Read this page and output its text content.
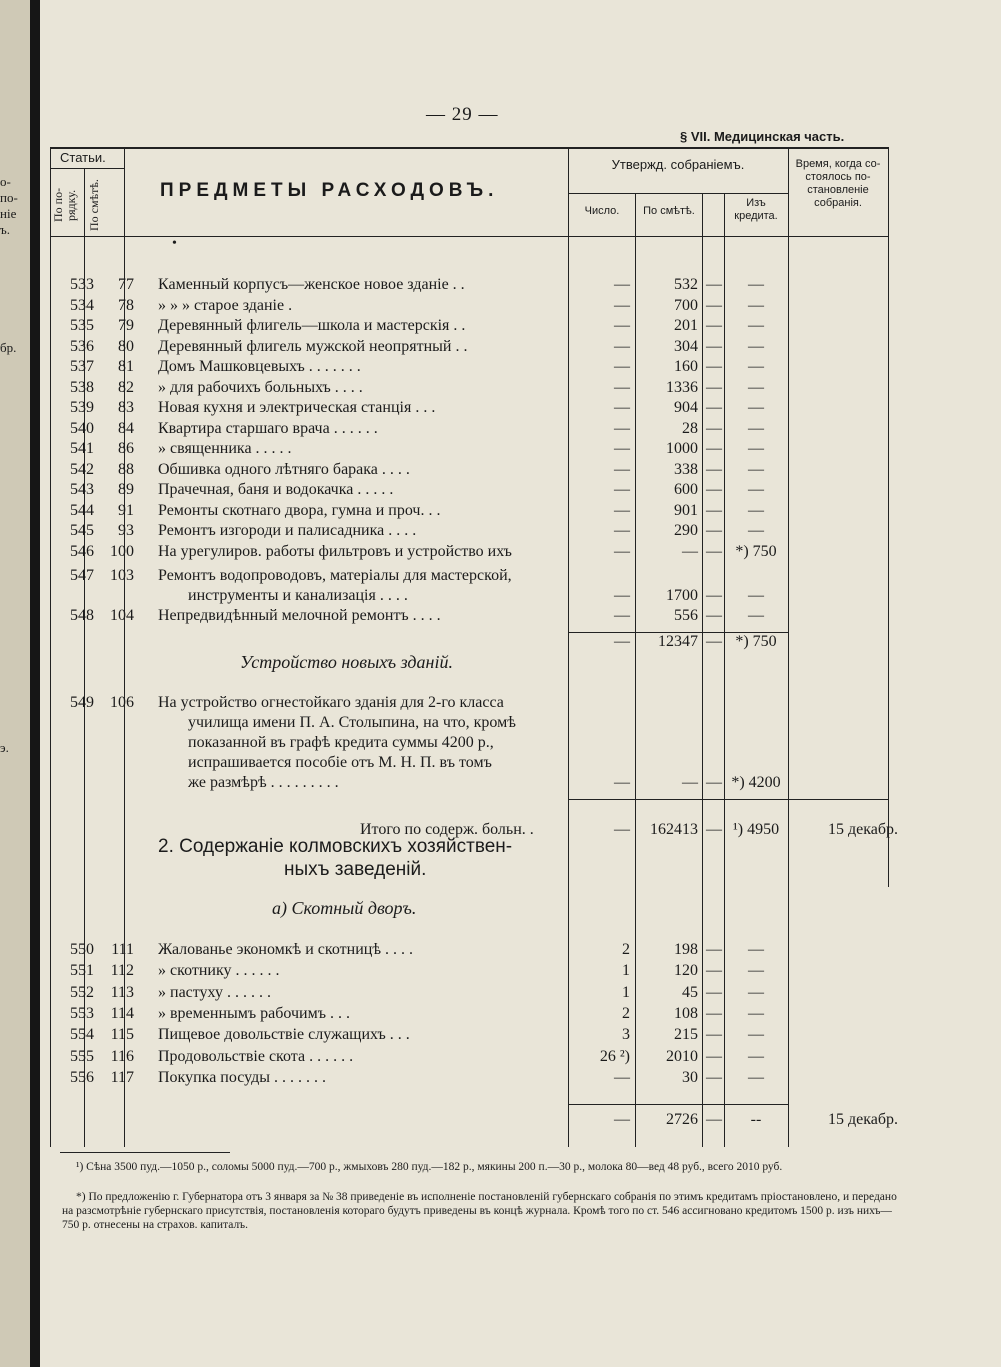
о-
по-
ніе
ъ.
бр.
э.
— 29 —
§ VII. Медицинская часть.
Статьи.
По по-рядку. По смѣтѣ.	ПРЕДМЕТЫ РАСХОДОВЪ.
Утвержд. собраніемъ.
Число.	По смѣтѣ.
Изъ кредита.
Время, когда со-стоялось по-становленіе собранія.
•
533	77 Каменный корпусъ—женское новое зданіе . .	—	532 —	—
534	78 » » » старое зданіе .	—	700 —	—
535	79 Деревянный флигель—школа и мастерскія . .	—	201 —	—
536	80 Деревянный флигель мужской неопрятный . .	—	304 —	—
537	81 Домъ Машковцевыхъ . . . . . . .	—	160 —	—
538	82 » для рабочихъ больныхъ . . . .	—	1336 —	—
539	83 Новая кухня и электрическая станція . . .	—	904 —	—
540	84 Квартира старшаго врача . . . . . .	—	28 —	—
541	86 » священника . . . . .	—	1000 —	—
542	88 Обшивка одного лѣтняго барака . . . .	—	338 —	—
543	89 Прачечная, баня и водокачка . . . . .	—	600 —	—
544	91 Ремонты скотнаго двора, гумна и проч. . .	—	901 —	—
545	93 Ремонтъ изгороди и палисадника . . . .	—	290 —	—
546	100 На урегулиров. работы фильтровъ и устройство ихъ	—	— — *) 750
547	103 Ремонтъ водопроводовъ, матеріалы для мастерской,
инструменты и канализація . . . .	—	1700 —	—
548	104 Непредвидѣнный мелочной ремонтъ . . . .	—	556 —	—
—	12347 — *) 750
Устройство новыхъ зданій.
549	106 На устройство огнестойкаго зданія для 2-го класса
училища имени П. А. Столыпина, на что, кромѣ
показанной въ графѣ кредита суммы 4200 р.,
испрашивается пособіе отъ М. Н. П. въ томъ
же размѣрѣ . . . . . . . . .	—	— — *) 4200
Итого по содерж. больн. .	—	162413 — ¹) 4950	15 декабр.
2. Содержаніе колмовскихъ хозяйствен-
ныхъ заведеній.
а) Скотный дворъ.
550	111 Жалованье экономкѣ и скотницѣ . . . .	2	198 —	—
551	112 » скотнику . . . . . .	1	120 —	—
552	113 » пастуху . . . . . .	1	45 —	—
553	114 » временнымъ рабочимъ . . .	2	108 —	—
554	115 Пищевое довольствіе служащихъ . . .	3	215 —	—
555	116 Продовольствіе скота . . . . . .	26 ²)	2010 —	—
556	117 Покупка посуды . . . . . . .	—	30 —	—
—	2726 —	--	15 декабр.
¹) Сѣна 3500 пуд.—1050 р., соломы 5000 пуд.—700 р., жмыховъ 280 пуд.—182 р., мякины 200 п.—30 р., молока 80—вед 48 руб., всего 2010 руб.
*) По предложенію г. Губернатора отъ 3 января за № 38 приведеніе въ исполненіе постановленій губернскаго собранія по этимъ кредитамъ пріостановлено, и передано на разсмотрѣніе губернскаго присутствія, постановленія котораго будутъ приведены въ концѣ журнала. Кромѣ того по ст. 546 ассигновано кредитомъ 1500 р. изъ нихъ—750 р. отнесены на страхов. капиталъ.
